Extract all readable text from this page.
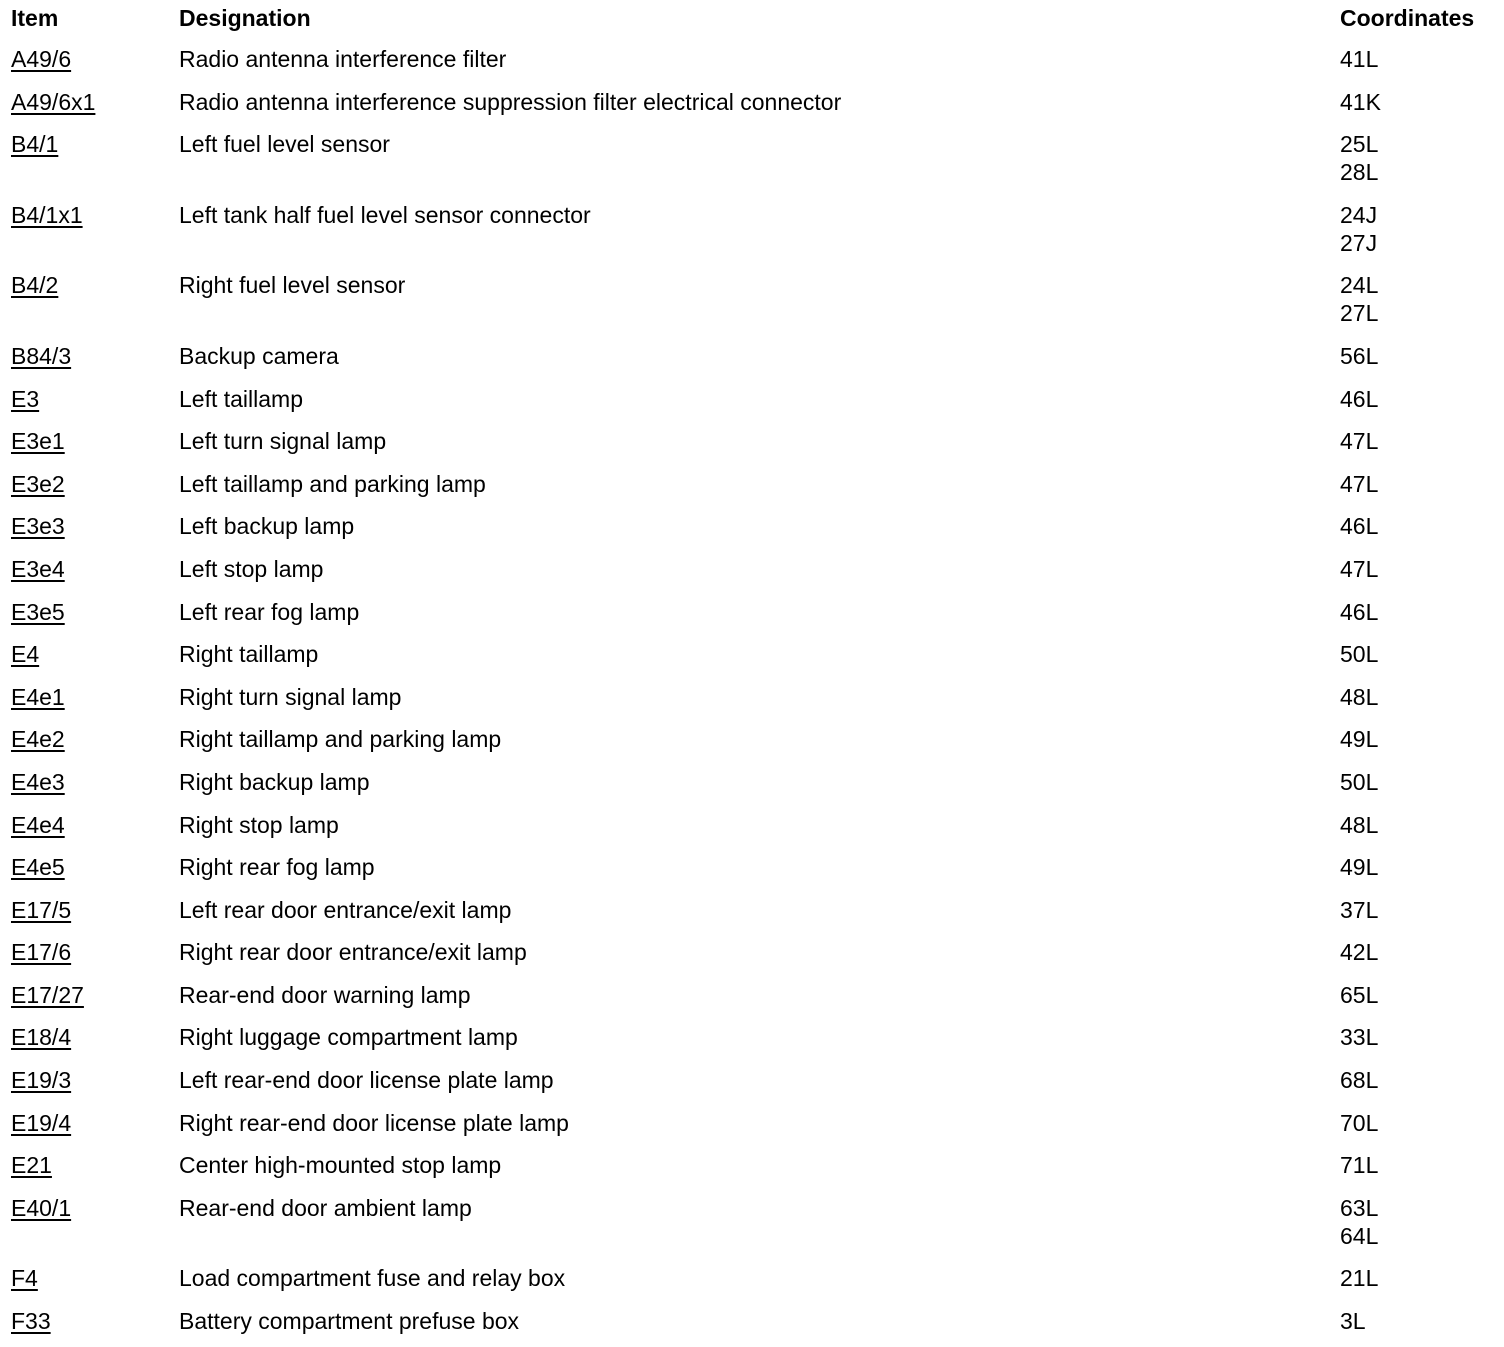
Item	Designation	Coordinates
A49/6	Radio antenna interference filter	41L
A49/6x1	Radio antenna interference suppression filter electrical connector	41K
B4/1	Left fuel level sensor	25L
28L
B4/1x1	Left tank half fuel level sensor connector	24J
27J
B4/2	Right fuel level sensor	24L
27L
B84/3	Backup camera	56L
E3	Left taillamp	46L
E3e1	Left turn signal lamp	47L
E3e2	Left taillamp and parking lamp	47L
E3e3	Left backup lamp	46L
E3e4	Left stop lamp	47L
E3e5	Left rear fog lamp	46L
E4	Right taillamp	50L
E4e1	Right turn signal lamp	48L
E4e2	Right taillamp and parking lamp	49L
E4e3	Right backup lamp	50L
E4e4	Right stop lamp	48L
E4e5	Right rear fog lamp	49L
E17/5	Left rear door entrance/exit lamp	37L
E17/6	Right rear door entrance/exit lamp	42L
E17/27	Rear-end door warning lamp	65L
E18/4	Right luggage compartment lamp	33L
E19/3	Left rear-end door license plate lamp	68L
E19/4	Right rear-end door license plate lamp	70L
E21	Center high-mounted stop lamp	71L
E40/1	Rear-end door ambient lamp	63L
64L
F4	Load compartment fuse and relay box	21L
F33	Battery compartment prefuse box	3L
